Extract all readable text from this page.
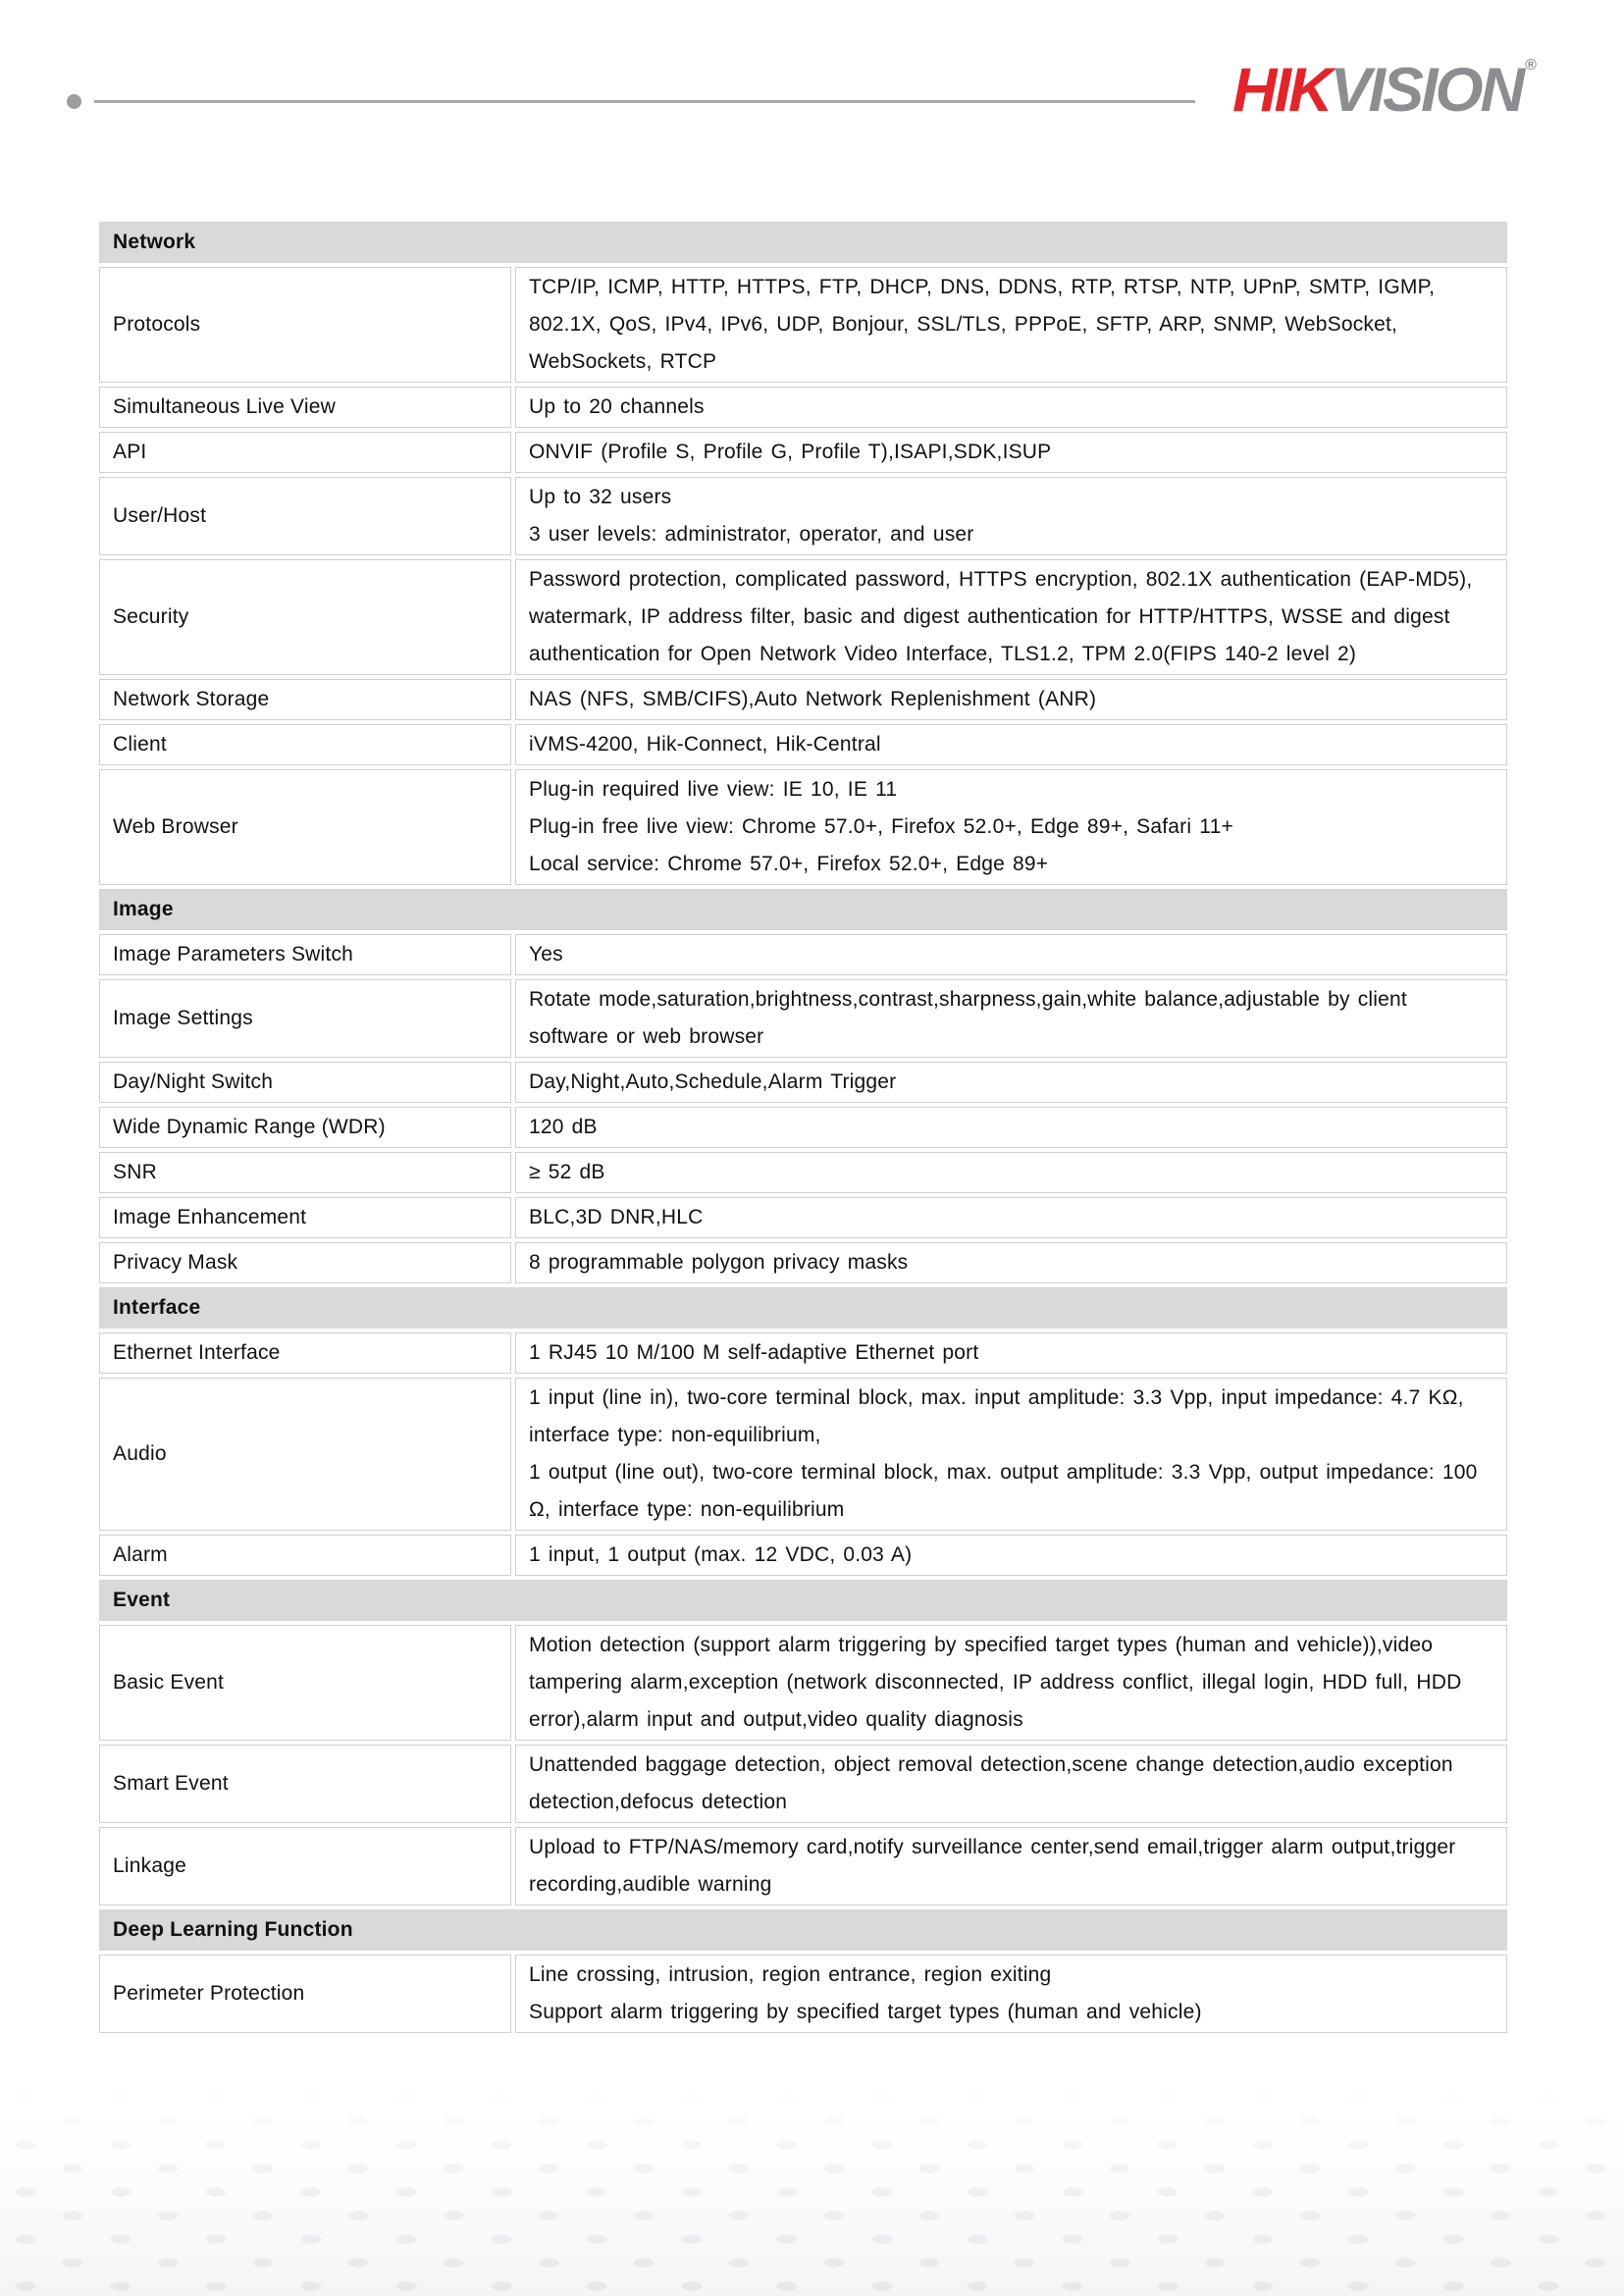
HIKVISION ®
Network	
Protocols	TCP/IP, ICMP, HTTP, HTTPS, FTP, DHCP, DNS, DDNS, RTP, RTSP, NTP, UPnP, SMTP, IGMP, 802.1X, QoS, IPv4, IPv6, UDP, Bonjour, SSL/TLS, PPPoE, SFTP, ARP, SNMP, WebSocket, WebSockets, RTCP
Simultaneous Live View	Up to 20 channels
API	ONVIF (Profile S, Profile G, Profile T),ISAPI,SDK,ISUP
User/Host	Up to 32 users
3 user levels: administrator, operator, and user

Security	Password protection, complicated password, HTTPS encryption, 802.1X authentication (EAP-MD5), watermark, IP address filter, basic and digest authentication for HTTP/HTTPS, WSSE and digest authentication for Open Network Video Interface, TLS1.2, TPM 2.0(FIPS 140-2 level 2)
Network Storage	NAS (NFS, SMB/CIFS),Auto Network Replenishment (ANR)
Client	iVMS-4200, Hik-Connect, Hik-Central
Web Browser	Plug-in required live view: IE 10, IE 11
Plug-in free live view: Chrome 57.0+, Firefox 52.0+, Edge 89+, Safari 11+
Local service: Chrome 57.0+, Firefox 52.0+, Edge 89+

Image	
Image Parameters Switch	Yes
Image Settings	Rotate mode,saturation,brightness,contrast,sharpness,gain,white balance,adjustable by client software or web browser
Day/Night Switch	Day,Night,Auto,Schedule,Alarm Trigger
Wide Dynamic Range (WDR)	120 dB
SNR	≥ 52 dB
Image Enhancement	BLC,3D DNR,HLC
Privacy Mask	8 programmable polygon privacy masks
Interface	
Ethernet Interface	1 RJ45 10 M/100 M self-adaptive Ethernet port
Audio	1 input (line in), two-core terminal block, max. input amplitude: 3.3 Vpp, input impedance: 4.7 KΩ, interface type: non-equilibrium,
1 output (line out), two-core terminal block, max. output amplitude: 3.3 Vpp, output impedance: 100 Ω, interface type: non-equilibrium

Alarm	1 input, 1 output (max. 12 VDC, 0.03 A)
Event	
Basic Event	Motion detection (support alarm triggering by specified target types (human and vehicle)),video tampering alarm,exception (network disconnected, IP address conflict, illegal login, HDD full, HDD error),alarm input and output,video quality diagnosis
Smart Event	Unattended baggage detection, object removal detection,scene change detection,audio exception detection,defocus detection
Linkage	Upload to FTP/NAS/memory card,notify surveillance center,send email,trigger alarm output,trigger recording,audible warning
Deep Learning Function	
Perimeter Protection	Line crossing, intrusion, region entrance, region exiting
Support alarm triggering by specified target types (human and vehicle)
